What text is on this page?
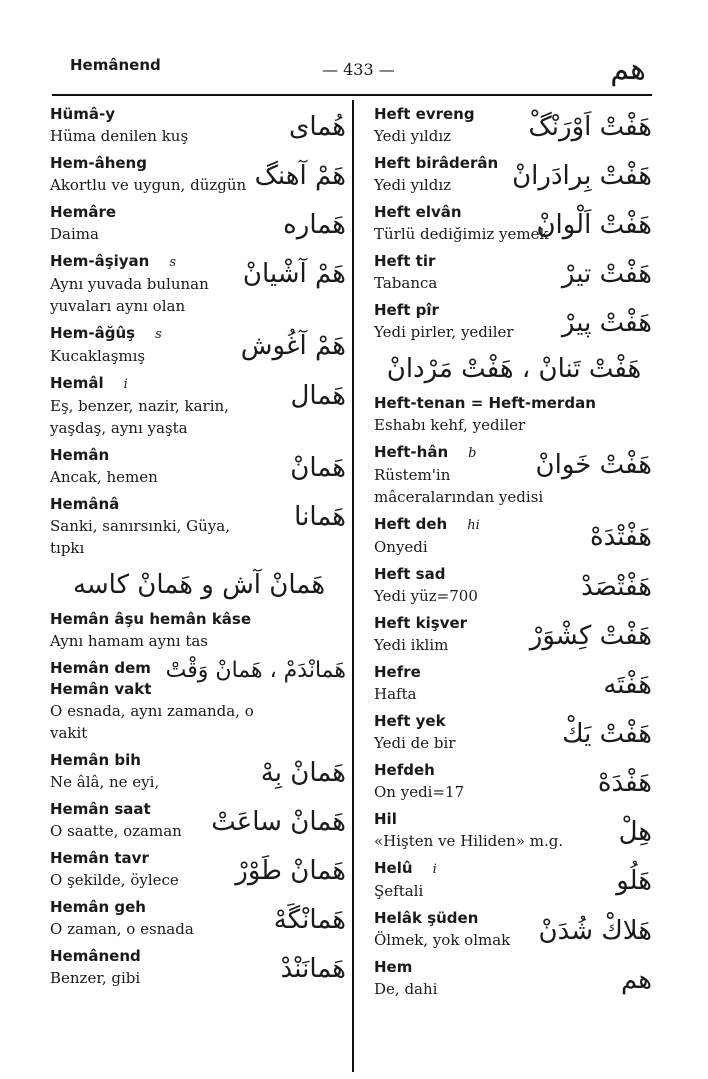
Hemânend	— 433 —	هم
Hümâ-y
Hüma denilen kuş	هُمای
Hem-âheng
Akortlu ve uygun, düzgün هَمْ آهنگ
Hemâre
Daima	هَماره
Hem-âşiyan s
Aynı yuvada bulunan yuvaları aynı olan
هَمْ آشْیانْ
Hem-âğûş s
Kucaklaşmış	هَمْ آغُوش
Hemâl i
Eş, benzer, nazir, karin, yaşdaş, aynı yaşta
هَمال
Hemân
Ancak, hemen	هَمانْ
Hemânâ
Sanki, sanırsınki, Güya, tıpkı
هَمانا
هَمانْ آش و هَمانْ کاسه
Hemân âşu hemân kâse
Aynı hamam aynı tas
Hemân dem
Hemân vakt
O esnada, aynı zamanda, o vakit
هَمانْدَمْ ، هَمانْ وَقْتْ
Hemân bih
Ne âlâ, ne eyi,	هَمانْ بِهْ
Hemân saat
O saatte, ozaman	هَمانْ ساعَتْ
Hemân tavr
O şekilde, öylece	هَمانْ طَوْرْ
Hemân geh
O zaman, o esnada	هَمانْگَهْ
Hemânend
Benzer, gibi	هَمانَنْدْ
Heft evreng
Yedi yıldız	هَفْتْ اَوْرَنْگْ
Heft birâderân
Yedi yıldız	هَفْتْ بِرادَرانْ
Heft elvân
Türlü dediğimiz yemek
هَفْتْ اَلْوانْ
Heft tir
Tabanca	هَفْتْ تیرْ
Heft pîr
Yedi pirler, yediler	هَفْتْ پیرْ
هَفْتْ تَنانْ ، هَفْتْ مَرْدانْ
Heft-tenan = Heft-merdan
Eshabı kehf, yediler
Heft-hân b
Rüstem'in mâceralarından yedisi
هَفْتْ خَوانْ
Heft deh hi
Onyedi	هَفْتْدَهْ
Heft sad
Yedi yüz=700	هَفْتْصَدْ
Heft kişver
Yedi iklim	هَفْتْ کِشْوَرْ
Hefre
Hafta	هَفْتَه
Heft yek
Yedi de bir	هَفْتْ یَكْ
Hefdeh
On yedi=17	هَفْدَهْ
Hil
«Hişten ve Hiliden» m.g.	هِلْ
Helû i
Şeftali	هَلُو
Helâk şüden
Ölmek, yok olmak	هَلاكْ شُدَنْ
Hem
De, dahi	هم
